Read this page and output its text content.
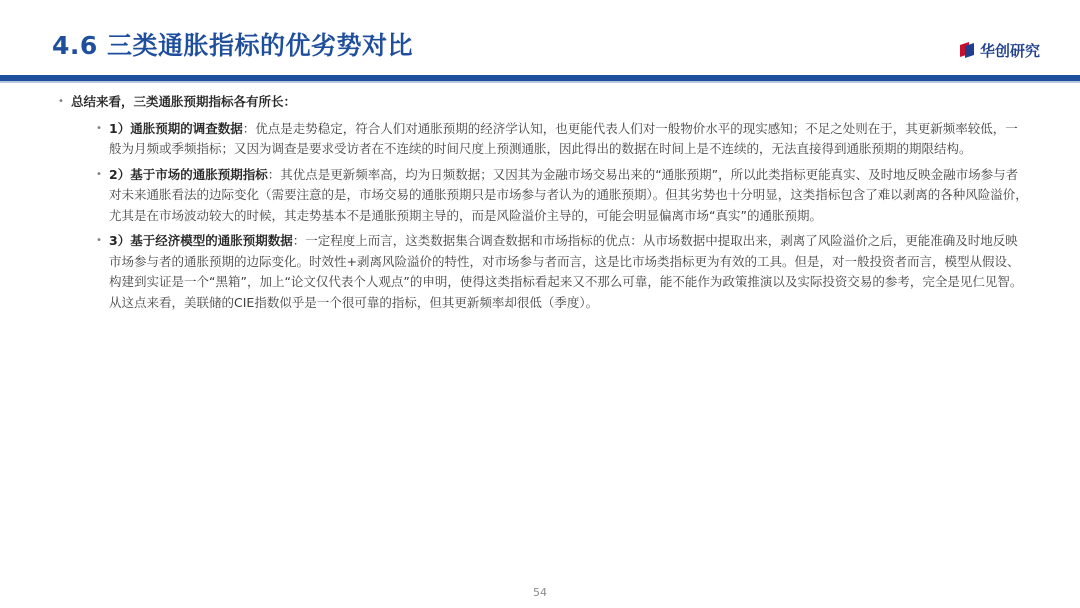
4.6 三类通胀指标的优劣势对比	华创研究
• 总结来看，三类通胀预期指标各有所长：
• 1）通胀预期的调查数据：优点是走势稳定，符合人们对通胀预期的经济学认知，也更能代表人们对一般物价水平的现实感知；不足之处则在于，其更新频率较低，一般为月频或季频指标；又因为调查是要求受访者在不连续的时间尺度上预测通胀，因此得出的数据在时间上是不连续的，无法直接得到通胀预期的期限结构。
• 2）基于市场的通胀预期指标：其优点是更新频率高，均为日频数据；又因其为金融市场交易出来的“通胀预期”，所以此类指标更能真实、及时地反映金融市场参与者对未来通胀看法的边际变化（需要注意的是，市场交易的通胀预期只是市场参与者认为的通胀预期）。但其劣势也十分明显，这类指标包含了难以剥离的各种风险溢价，尤其是在市场波动较大的时候，其走势基本不是通胀预期主导的，而是风险溢价主导的，可能会明显偏离市场“真实”的通胀预期。
• 3）基于经济模型的通胀预期数据：一定程度上而言，这类数据集合调查数据和市场指标的优点：从市场数据中提取出来，剥离了风险溢价之后，更能准确及时地反映市场参与者的通胀预期的边际变化。时效性+剥离风险溢价的特性，对市场参与者而言，这是比市场类指标更为有效的工具。但是，对一般投资者而言，模型从假设、构建到实证是一个“黑箱”，加上“论文仅代表个人观点”的申明，使得这类指标看起来又不那么可靠，能不能作为政策推演以及实际投资交易的参考，完全是见仁见智。从这点来看，美联储的CIE指数似乎是一个很可靠的指标，但其更新频率却很低（季度）。
54
